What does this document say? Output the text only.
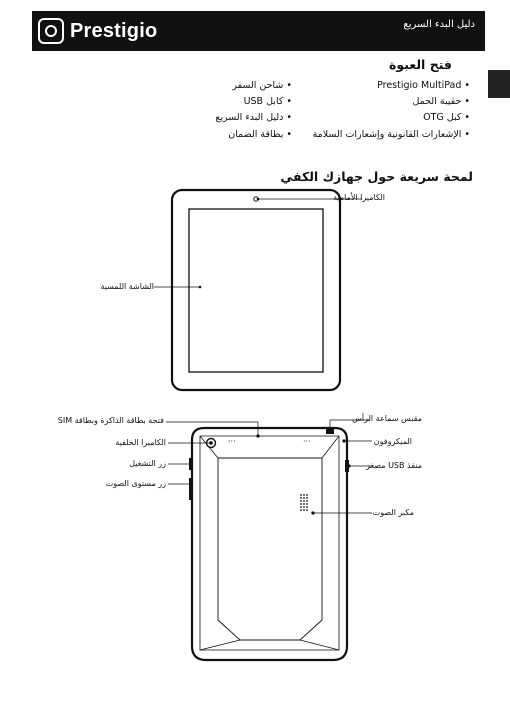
Prestigio	دليل البدء السريع
فتح العبوة
• Prestigio MultiPad
• حقيبة الحمل
• كبل OTG
• الإشعارات القانونية وإشعارات السلامة
• شاحن السفر
• كابل USB
• دليل البدء السريع
• بطاقة الضمان
لمحة سريعة حول جهازك الكفي
···	···
الكاميرا الأمامية
الشاشة اللمسية
فتحة بطاقة الذاكرة وبطاقة SIM
الكاميرا الخلفية
زر التشغيل
زر مستوى الصوت
مقبس سماعة الرأس
الميكروفون
منفذ USB مصغر
مكبر الصوت
